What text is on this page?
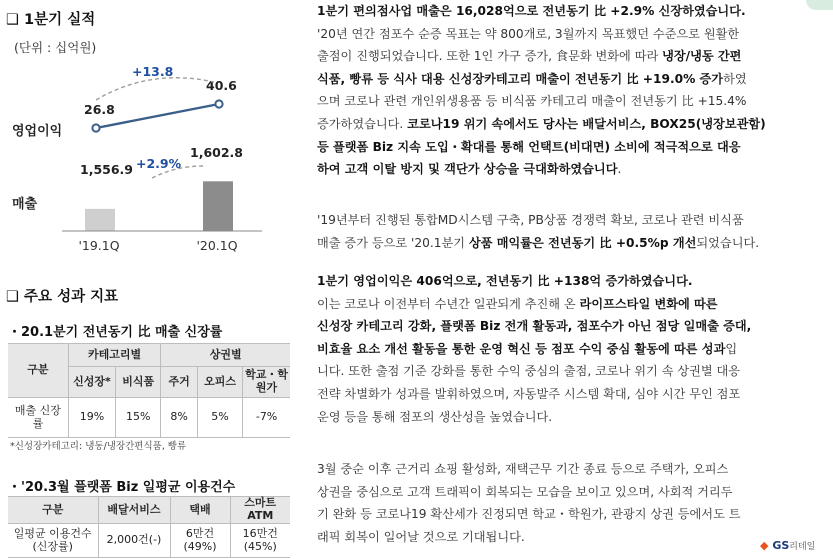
❑ 1분기 실적
(단위 : 십억원)
26.8
40.6
+13.8
1,556.9
1,602.8
+2.9%
'19.1Q	'20.1Q
영업이익
매출
❑ 주요 성과 지표
・20.1분기 전년동기 比 매출 신장률
구분	카테고리별		상권별		
	신성장*	비식품	주거	오피스	학교・학원가
매출 신장률	19%	15%	8%	5%	-7%
*신성장카테고리: 냉동/냉장간편식품, 빵류
・'20.3월 플랫폼 Biz 일평균 이용건수
구분	배달서비스	택배	스마트ATM
일평균 이용건수(신장률)	2,000건(-)	6만건(49%)	16만건(45%)
1분기 편의점사업 매출은 16,028억으로 전년동기 比 +2.9% 신장하였습니다.
'20년 연간 점포수 순증 목표는 약 800개로, 3월까지 목표했던 수준으로 원활한
출점이 진행되었습니다. 또한 1인 가구 증가, 食문화 변화에 따라 냉장/냉동 간편
식품, 빵류 등 식사 대용 신성장카테고리 매출이 전년동기 比 +19.0% 증가하였
으며 코로나 관련 개인위생용품 등 비식품 카테고리 매출이 전년동기 比 +15.4%
증가하였습니다. 코로나19 위기 속에서도 당사는 배달서비스, BOX25(냉장보관함)
등 플랫폼 Biz 지속 도입・확대를 통해 언택트(비대면) 소비에 적극적으로 대응
하여 고객 이탈 방지 및 객단가 상승을 극대화하였습니다.
'19년부터 진행된 통합MD시스템 구축, PB상품 경쟁력 확보, 코로나 관련 비식품
매출 증가 등으로 '20.1분기 상품 매익률은 전년동기 比 +0.5%p 개선되었습니다.
1분기 영업이익은 406억으로, 전년동기 比 +138억 증가하였습니다.
이는 코로나 이전부터 수년간 일관되게 추진해 온 라이프스타일 변화에 따른
신성장 카테고리 강화, 플랫폼 Biz 전개 활동과, 점포수가 아닌 점당 일매출 증대,
비효율 요소 개선 활동을 통한 운영 혁신 등 점포 수익 중심 활동에 따른 성과입
니다. 또한 출점 기준 강화를 통한 수익 중심의 출점, 코로나 위기 속 상권별 대응
전략 차별화가 성과를 발휘하였으며, 자동발주 시스템 확대, 심야 시간 무인 점포
운영 등을 통해 점포의 생산성을 높였습니다.
3월 중순 이후 근거리 쇼핑 활성화, 재택근무 기간 종료 등으로 주택가, 오피스
상권을 중심으로 고객 트래픽이 회복되는 모습을 보이고 있으며, 사회적 거리두
기 완화 등 코로나19 확산세가 진정되면 학교・학원가, 관광지 상권 등에서도 트
래픽 회복이 일어날 것으로 기대됩니다.
◆ GS리테일
